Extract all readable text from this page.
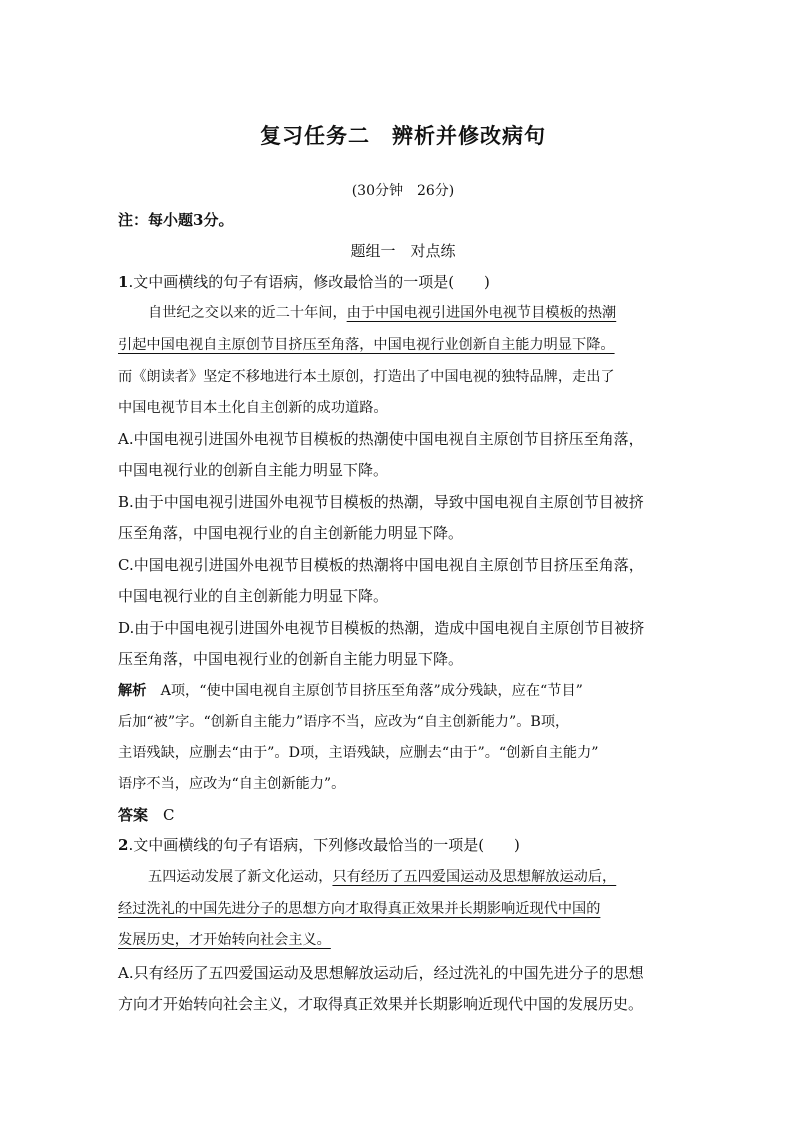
复习任务二　辨析并修改病句
(30分钟　26分)
注：每小题3分。
题组一　对点练
1.文中画横线的句子有语病，修改最恰当的一项是(　　)
自世纪之交以来的近二十年间，由于中国电视引进国外电视节目模板的热潮
引起中国电视自主原创节目挤压至角落，中国电视行业创新自主能力明显下降。
而《朗读者》坚定不移地进行本土原创，打造出了中国电视的独特品牌，走出了
中国电视节目本土化自主创新的成功道路。
A.中国电视引进国外电视节目模板的热潮使中国电视自主原创节目挤压至角落，
中国电视行业的创新自主能力明显下降。
B.由于中国电视引进国外电视节目模板的热潮，导致中国电视自主原创节目被挤
压至角落，中国电视行业的自主创新能力明显下降。
C.中国电视引进国外电视节目模板的热潮将中国电视自主原创节目挤压至角落，
中国电视行业的自主创新能力明显下降。
D.由于中国电视引进国外电视节目模板的热潮，造成中国电视自主原创节目被挤
压至角落，中国电视行业的创新自主能力明显下降。
解析　 A项，“使中国电视自主原创节目挤压至角落”成分残缺，应在“节目”
后加“被”字。“创新自主能力”语序不当，应改为“自主创新能力”。B项，
主语残缺，应删去“由于”。D项，主语残缺，应删去“由于”。“创新自主能力”
语序不当，应改为“自主创新能力”。
答案　 C
2.文中画横线的句子有语病，下列修改最恰当的一项是(　　)
五四运动发展了新文化运动，只有经历了五四爱国运动及思想解放运动后，
经过洗礼的中国先进分子的思想方向才取得真正效果并长期影响近现代中国的
发展历史，才开始转向社会主义。
A.只有经历了五四爱国运动及思想解放运动后，经过洗礼的中国先进分子的思想
方向才开始转向社会主义，才取得真正效果并长期影响近现代中国的发展历史。
